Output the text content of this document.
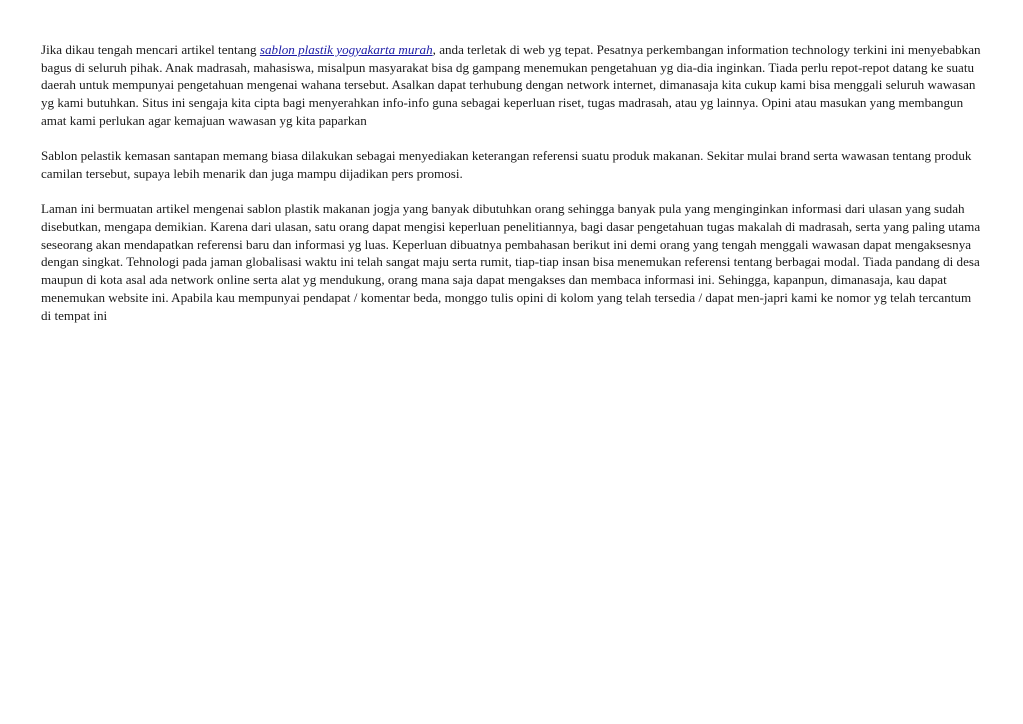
Jika dikau tengah mencari artikel tentang sablon plastik yogyakarta murah, anda terletak di web yg tepat. Pesatnya perkembangan information technology terkini ini menyebabkan bagus di seluruh pihak. Anak madrasah, mahasiswa, misalpun masyarakat bisa dg gampang menemukan pengetahuan yg dia-dia inginkan. Tiada perlu repot-repot datang ke suatu daerah untuk mempunyai pengetahuan mengenai wahana tersebut. Asalkan dapat terhubung dengan network internet, dimanasaja kita cukup kami bisa menggali seluruh wawasan yg kami butuhkan. Situs ini sengaja kita cipta bagi menyerahkan info-info guna sebagai keperluan riset, tugas madrasah, atau yg lainnya. Opini atau masukan yang membangun amat kami perlukan agar kemajuan wawasan yg kita paparkan

Sablon pelastik kemasan santapan memang biasa dilakukan sebagai menyediakan keterangan referensi suatu produk makanan. Sekitar mulai brand serta wawasan tentang produk camilan tersebut, supaya lebih menarik dan juga mampu dijadikan pers promosi.

Laman ini bermuatan artikel mengenai sablon plastik makanan jogja yang banyak dibutuhkan orang sehingga banyak pula yang menginginkan informasi dari ulasan yang sudah disebutkan, mengapa demikian. Karena dari ulasan, satu orang dapat mengisi keperluan penelitiannya, bagi dasar pengetahuan tugas makalah di madrasah, serta yang paling utama seseorang akan mendapatkan referensi baru dan informasi yg luas. Keperluan dibuatnya pembahasan berikut ini demi orang yang tengah menggali wawasan dapat mengaksesnya dengan singkat. Tehnologi pada jaman globalisasi waktu ini telah sangat maju serta rumit, tiap-tiap insan bisa menemukan referensi tentang berbagai modal. Tiada pandang di desa maupun di kota asal ada network online serta alat yg mendukung, orang mana saja dapat mengakses dan membaca informasi ini. Sehingga, kapanpun, dimanasaja, kau dapat menemukan website ini. Apabila kau mempunyai pendapat / komentar beda, monggo tulis opini di kolom yang telah tersedia / dapat men-japri kami ke nomor yg telah tercantum di tempat ini
